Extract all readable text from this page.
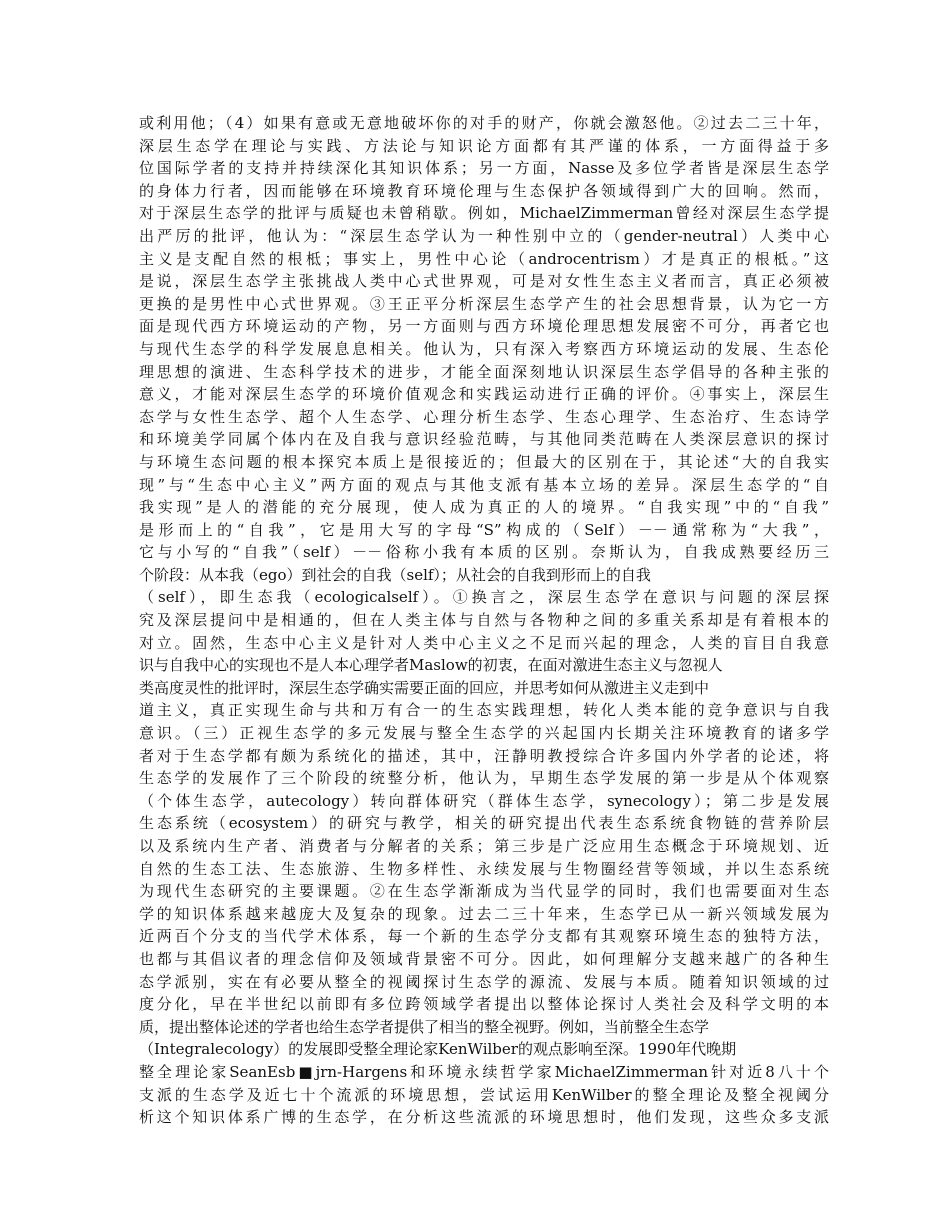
或利用他；（4）如果有意或无意地破坏你的对手的财产，你就会激怒他。②过去二三十年，
深层生态学在理论与实践、方法论与知识论方面都有其严谨的体系，一方面得益于多
位国际学者的支持并持续深化其知识体系；另一方面，Nasse及多位学者皆是深层生态学
的身体力行者，因而能够在环境教育环境伦理与生态保护各领域得到广大的回响。然而，
对于深层生态学的批评与质疑也未曾稍歇。例如，MichaelZimmerman曾经对深层生态学提
出严厉的批评，他认为：“深层生态学认为一种性别中立的（gender-neutral）人类中心
主义是支配自然的根柢；事实上，男性中心论（androcentrism）才是真正的根柢。”这
是说，深层生态学主张挑战人类中心式世界观，可是对女性生态主义者而言，真正必须被
更换的是男性中心式世界观。③王正平分析深层生态学产生的社会思想背景，认为它一方
面是现代西方环境运动的产物，另一方面则与西方环境伦理思想发展密不可分，再者它也
与现代生态学的科学发展息息相关。他认为，只有深入考察西方环境运动的发展、生态伦
理思想的演进、生态科学技术的进步，才能全面深刻地认识深层生态学倡导的各种主张的
意义，才能对深层生态学的环境价值观念和实践运动进行正确的评价。④事实上，深层生
态学与女性生态学、超个人生态学、心理分析生态学、生态心理学、生态治疗、生态诗学
和环境美学同属个体内在及自我与意识经验范畴，与其他同类范畴在人类深层意识的探讨
与环境生态问题的根本探究本质上是很接近的；但最大的区别在于，其论述“大的自我实
现”与“生态中心主义”两方面的观点与其他支派有基本立场的差异。深层生态学的“自
我实现”是人的潜能的充分展现，使人成为真正的人的境界。“自我实现”中的“自我”
是形而上的“自我”，它是用大写的字母“S”构成的（Self）－－通常称为“大我”，
它与小写的“自我”（self）－－俗称小我有本质的区别。奈斯认为，自我成熟要经历三
个阶段：从本我（ego）到社会的自我（self）；从社会的自我到形而上的自我
（self），即生态我（ecologicalself）。①换言之，深层生态学在意识与问题的深层探
究及深层提问中是相通的，但在人类主体与自然与各物种之间的多重关系却是有着根本的
对立。固然，生态中心主义是针对人类中心主义之不足而兴起的理念，人类的盲目自我意
识与自我中心的实现也不是人本心理学者Maslow的初衷，在面对激进生态主义与忽视人
类高度灵性的批评时，深层生态学确实需要正面的回应，并思考如何从激进主义走到中
道主义，真正实现生命与共和万有合一的生态实践理想，转化人类本能的竞争意识与自我
意识。（三）正视生态学的多元发展与整全生态学的兴起国内长期关注环境教育的诸多学
者对于生态学都有颇为系统化的描述，其中，汪静明教授综合许多国内外学者的论述，将
生态学的发展作了三个阶段的统整分析，他认为，早期生态学发展的第一步是从个体观察
（个体生态学，autecology）转向群体研究（群体生态学，synecology）；第二步是发展
生态系统（ecosystem）的研究与教学，相关的研究提出代表生态系统食物链的营养阶层
以及系统内生产者、消费者与分解者的关系；第三步是广泛应用生态概念于环境规划、近
自然的生态工法、生态旅游、生物多样性、永续发展与生物圈经营等领域，并以生态系统
为现代生态研究的主要课题。②在生态学渐渐成为当代显学的同时，我们也需要面对生态
学的知识体系越来越庞大及复杂的现象。过去二三十年来，生态学已从一新兴领域发展为
近两百个分支的当代学术体系，每一个新的生态学分支都有其观察环境生态的独特方法，
也都与其倡议者的理念信仰及领域背景密不可分。因此，如何理解分支越来越广的各种生
态学派别，实在有必要从整全的视阈探讨生态学的源流、发展与本质。随着知识领域的过
度分化，早在半世纪以前即有多位跨领域学者提出以整体论探讨人类社会及科学文明的本
质，提出整体论述的学者也给生态学者提供了相当的整全视野。例如，当前整全生态学
（Integralecology）的发展即受整全理论家KenWilber的观点影响至深。1990年代晚期
整全理论家SeanEsb■jrn-Hargens和环境永续哲学家MichaelZimmerman针对近8八十个
支派的生态学及近七十个流派的环境思想，尝试运用KenWilber的整全理论及整全视阈分
析这个知识体系广博的生态学，在分析这些流派的环境思想时，他们发现，这些众多支派
